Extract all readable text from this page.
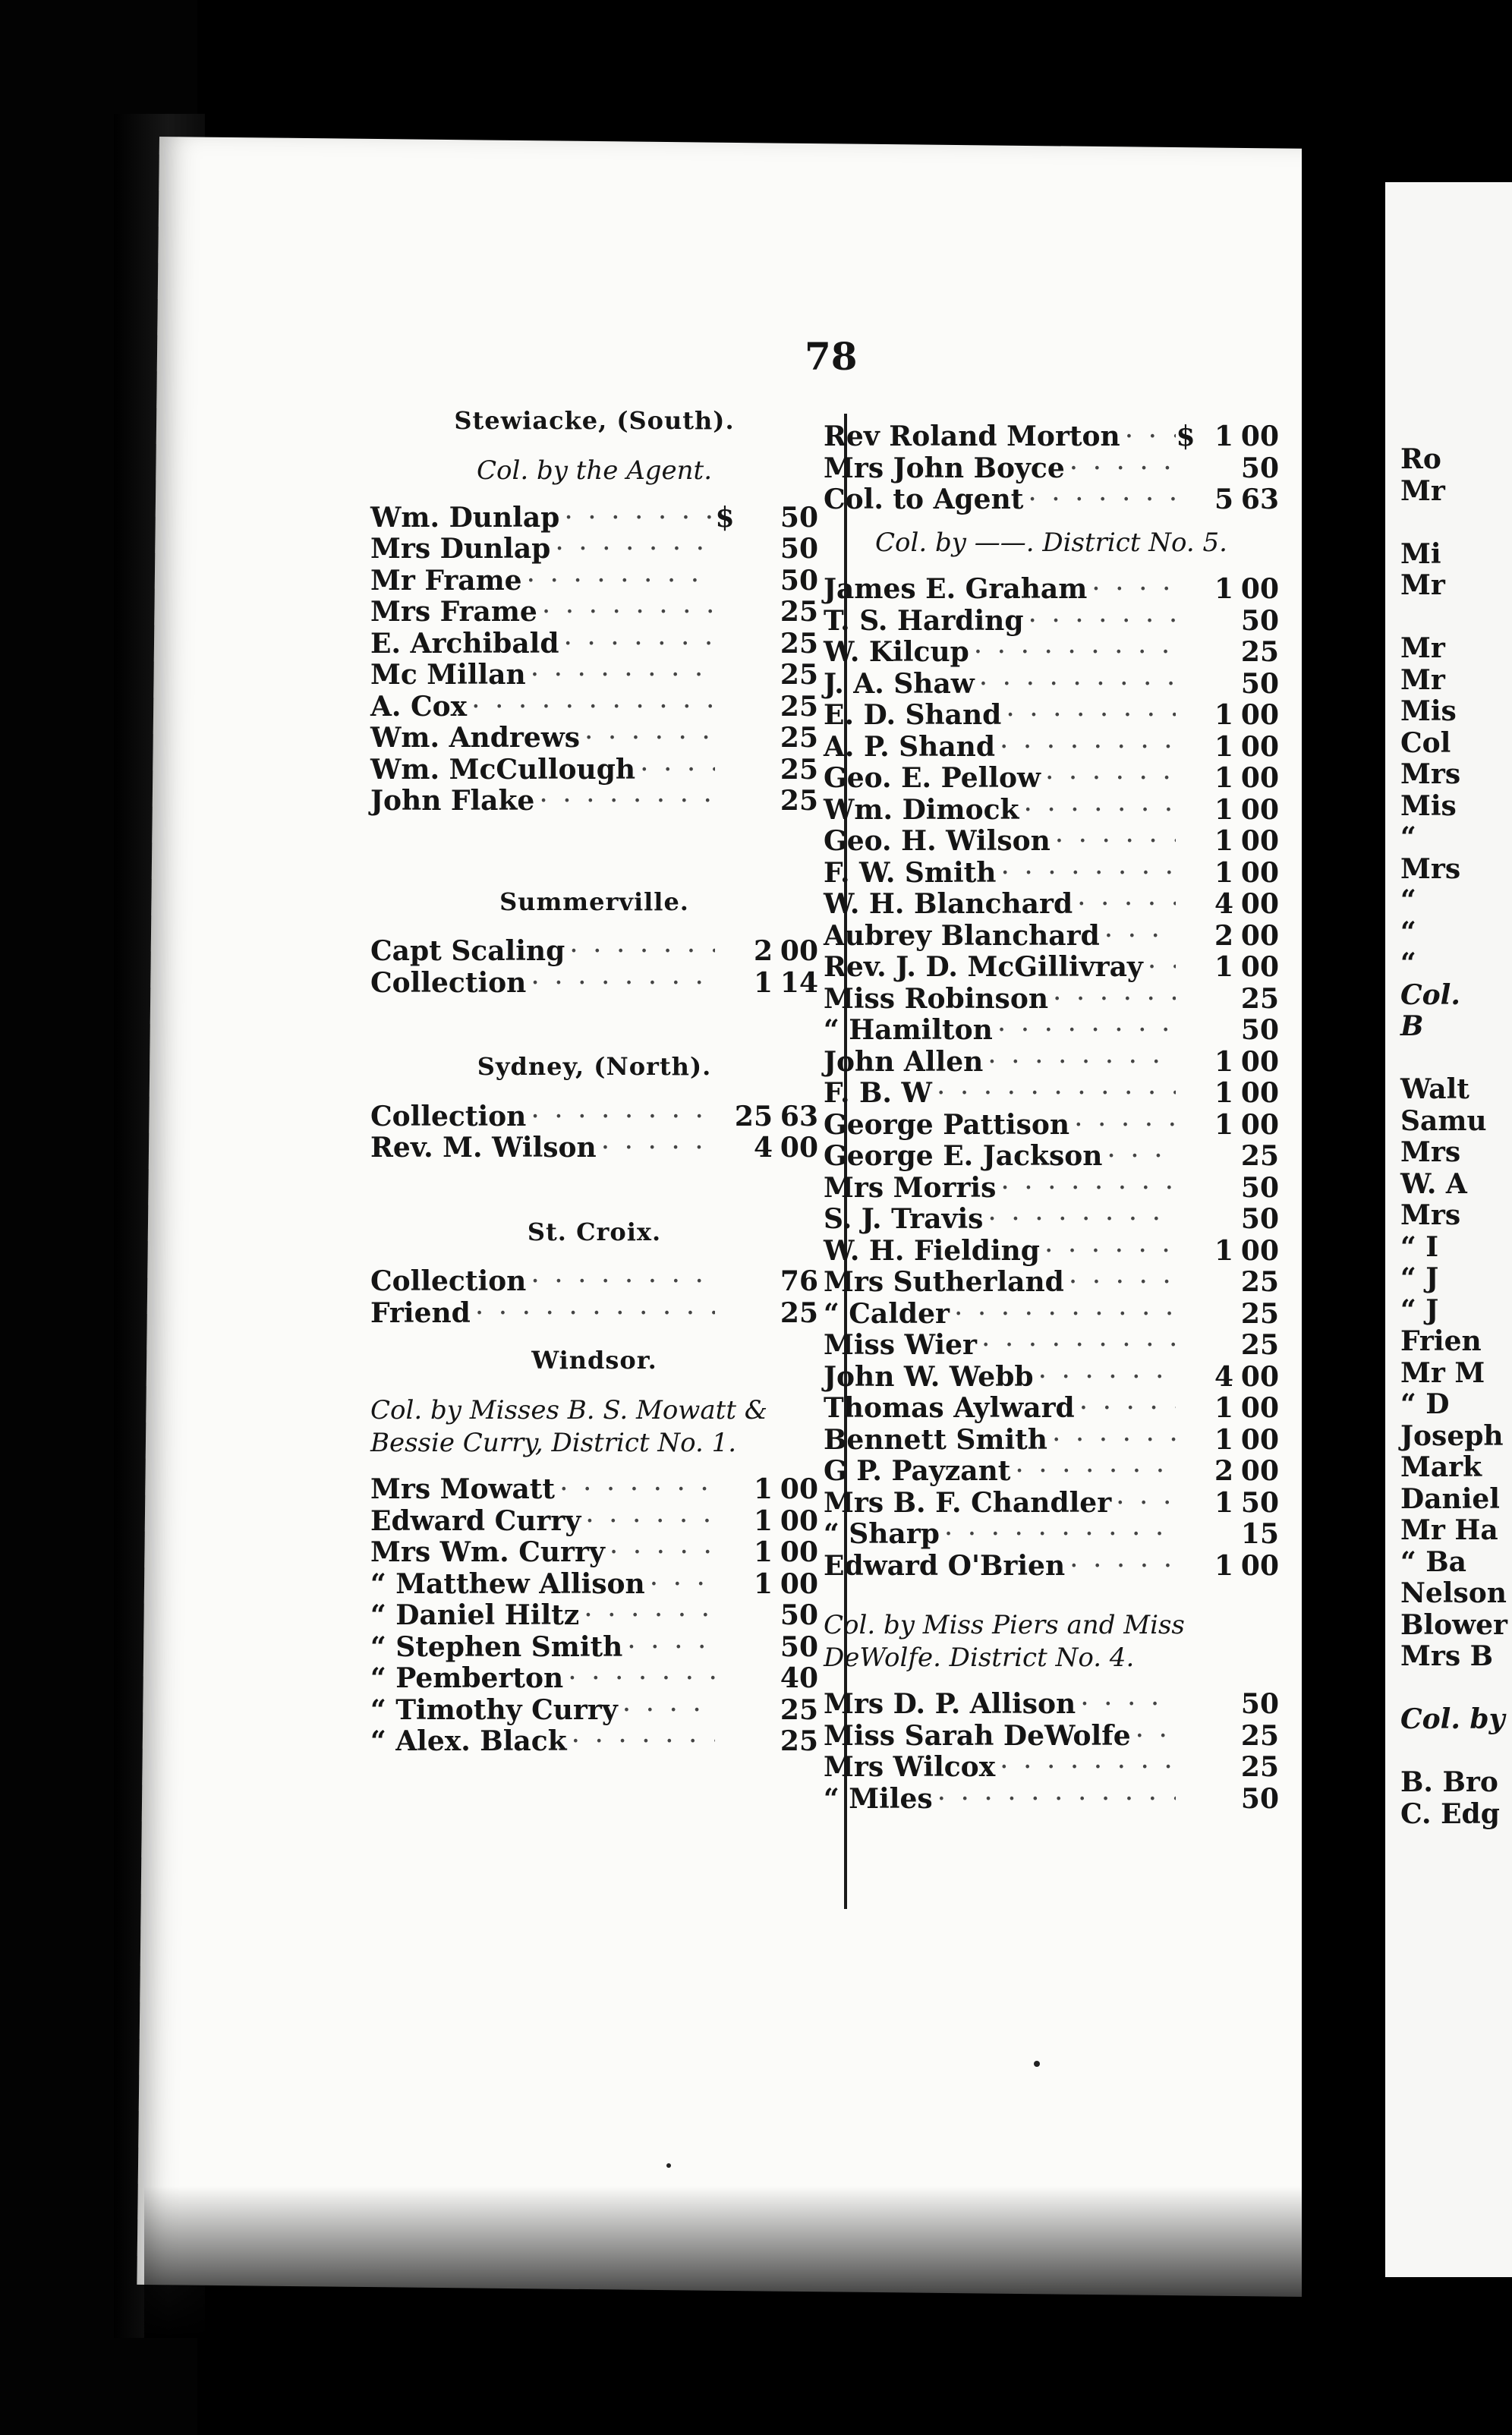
78
Stewiacke, (South).
Col. by the Agent.
Wm. Dunlap · · ·	$ 50
Mrs Dunlap · · ·	50
Mr Frame · · ·	50
Mrs Frame · · ·	25
E. Archibald · · ·	25
Mc Millan · · ·	25
A. Cox · · ·	25
Wm. Andrews · · ·	25
Wm. McCullough · · ·	25
John Flake · · ·	25
Summerville.
Capt Scaling · · ·	2 00
Collection · · ·	1 14
Sydney, (North).
Collection · · ·	25 63
Rev. M. Wilson · · ·	4 00
St. Croix.
Collection · · ·	76
Friend · · ·	25
Windsor.
Col. by Misses B. S. Mowatt & Bessie Curry, District No. 1.
Mrs Mowatt · · ·	1 00
Edward Curry · · ·	1 00
Mrs Wm. Curry · · ·	1 00
“ Matthew Allison · · ·	1 00
“ Daniel Hiltz · · ·	50
“ Stephen Smith · · ·	50
“ Pemberton · · ·	40
“ Timothy Curry · · ·	25
“ Alex. Black · · ·	25
Rev Roland Morton · · · $ 1 00
Mrs John Boyce · · ·	50
Col. to Agent · · ·	5 63
Col. by ——. District No. 5.
James E. Graham · · ·	1 00
T. S. Harding · · ·	50
W. Kilcup · · ·	25
J. A. Shaw · · ·	50
E. D. Shand · · ·	1 00
A. P. Shand · · ·	1 00
Geo. E. Pellow · · ·	1 00
Wm. Dimock · · ·	1 00
Geo. H. Wilson · · ·	1 00
F. W. Smith · · ·	1 00
W. H. Blanchard · · ·	4 00
Aubrey Blanchard · · ·	2 00
Rev. J. D. McGillivray · · ·	1 00
Miss Robinson · · ·	25
“ Hamilton · · ·	50
John Allen · · ·	1 00
F. B. W · · ·	1 00
George Pattison · · ·	1 00
George E. Jackson · · ·	25
Mrs Morris · · ·	50
S. J. Travis · · ·	50
W. H. Fielding · · ·	1 00
Mrs Sutherland · · ·	25
“ Calder · · ·	25
Miss Wier · · ·	25
John W. Webb · · ·	4 00
Thomas Aylward · · ·	1 00
Bennett Smith · · ·	1 00
G P. Payzant · · ·	2 00
Mrs B. F. Chandler · · ·	1 50
“ Sharp · · ·	15
Edward O'Brien · · ·	1 00
Col. by Miss Piers and Miss DeWolfe. District No. 4.
Mrs D. P. Allison · · ·	50
Miss Sarah DeWolfe · · ·	25
Mrs Wilcox · · ·	25
“ Miles · · ·	50
Ro
Mr

Mi
Mr

Mr
Mr
Mis
Col
Mrs
Mis
“
Mrs
“
“
“
Col.
B

Walt
Samu
Mrs
W. A
Mrs
“ I
“ J
“ J
Frien
Mr M
“ D
Joseph
Mark
Daniel
Mr Ha
“ Ba
Nelson
Blower
Mrs B

Col. by

B. Bro
C. Edg
